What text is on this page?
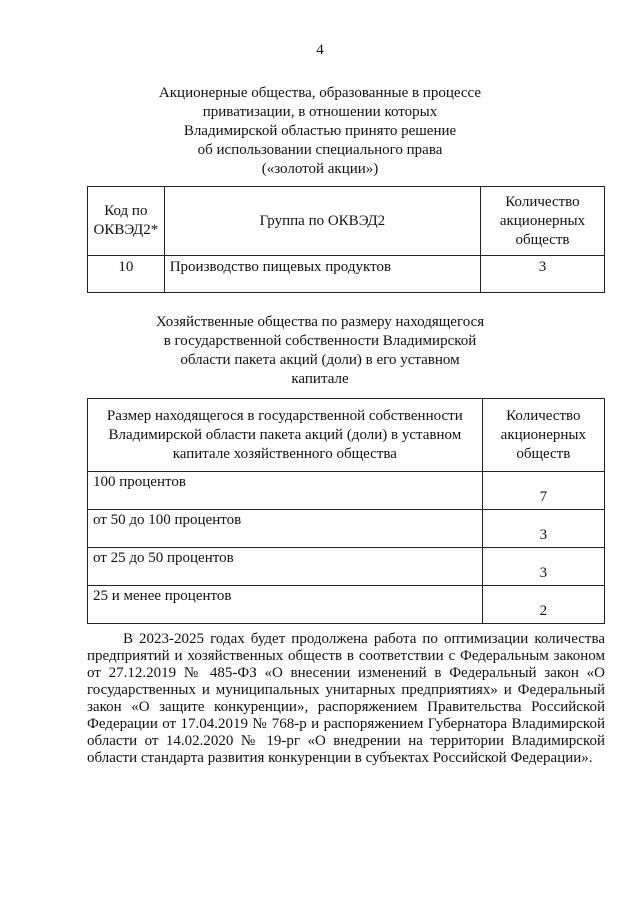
4
Акционерные общества, образованные в процессе
приватизации, в отношении которых
Владимирской областью принято решение
об использовании специального права
(«золотой акции»)
Код по ОКВЭД2*	Группа по ОКВЭД2	Количество акционерных обществ
10	Производство пищевых продуктов	3
Хозяйственные общества по размеру находящегося
в государственной собственности Владимирской
области пакета акций (доли) в его уставном
капитале
Размер находящегося в государственной собственности Владимирской области пакета акций (доли) в уставном капитале хозяйственного общества	Количество акционерных обществ
100 процентов	7
от 50 до 100 процентов	3
от 25 до 50 процентов	3
25 и менее процентов	2
В 2023-2025 годах будет продолжена работа по оптимизации количества предприятий и хозяйственных обществ в соответствии с Федеральным законом от 27.12.2019 № 485-ФЗ «О внесении изменений в Федеральный закон «О государственных и муниципальных унитарных предприятиях» и Федеральный закон «О защите конкуренции», распоряжением Правительства Российской Федерации от 17.04.2019 № 768-р и распоряжением Губернатора Владимирской области от 14.02.2020 № 19-рг «О внедрении на территории Владимирской области стандарта развития конкуренции в субъектах Российской Федерации».
